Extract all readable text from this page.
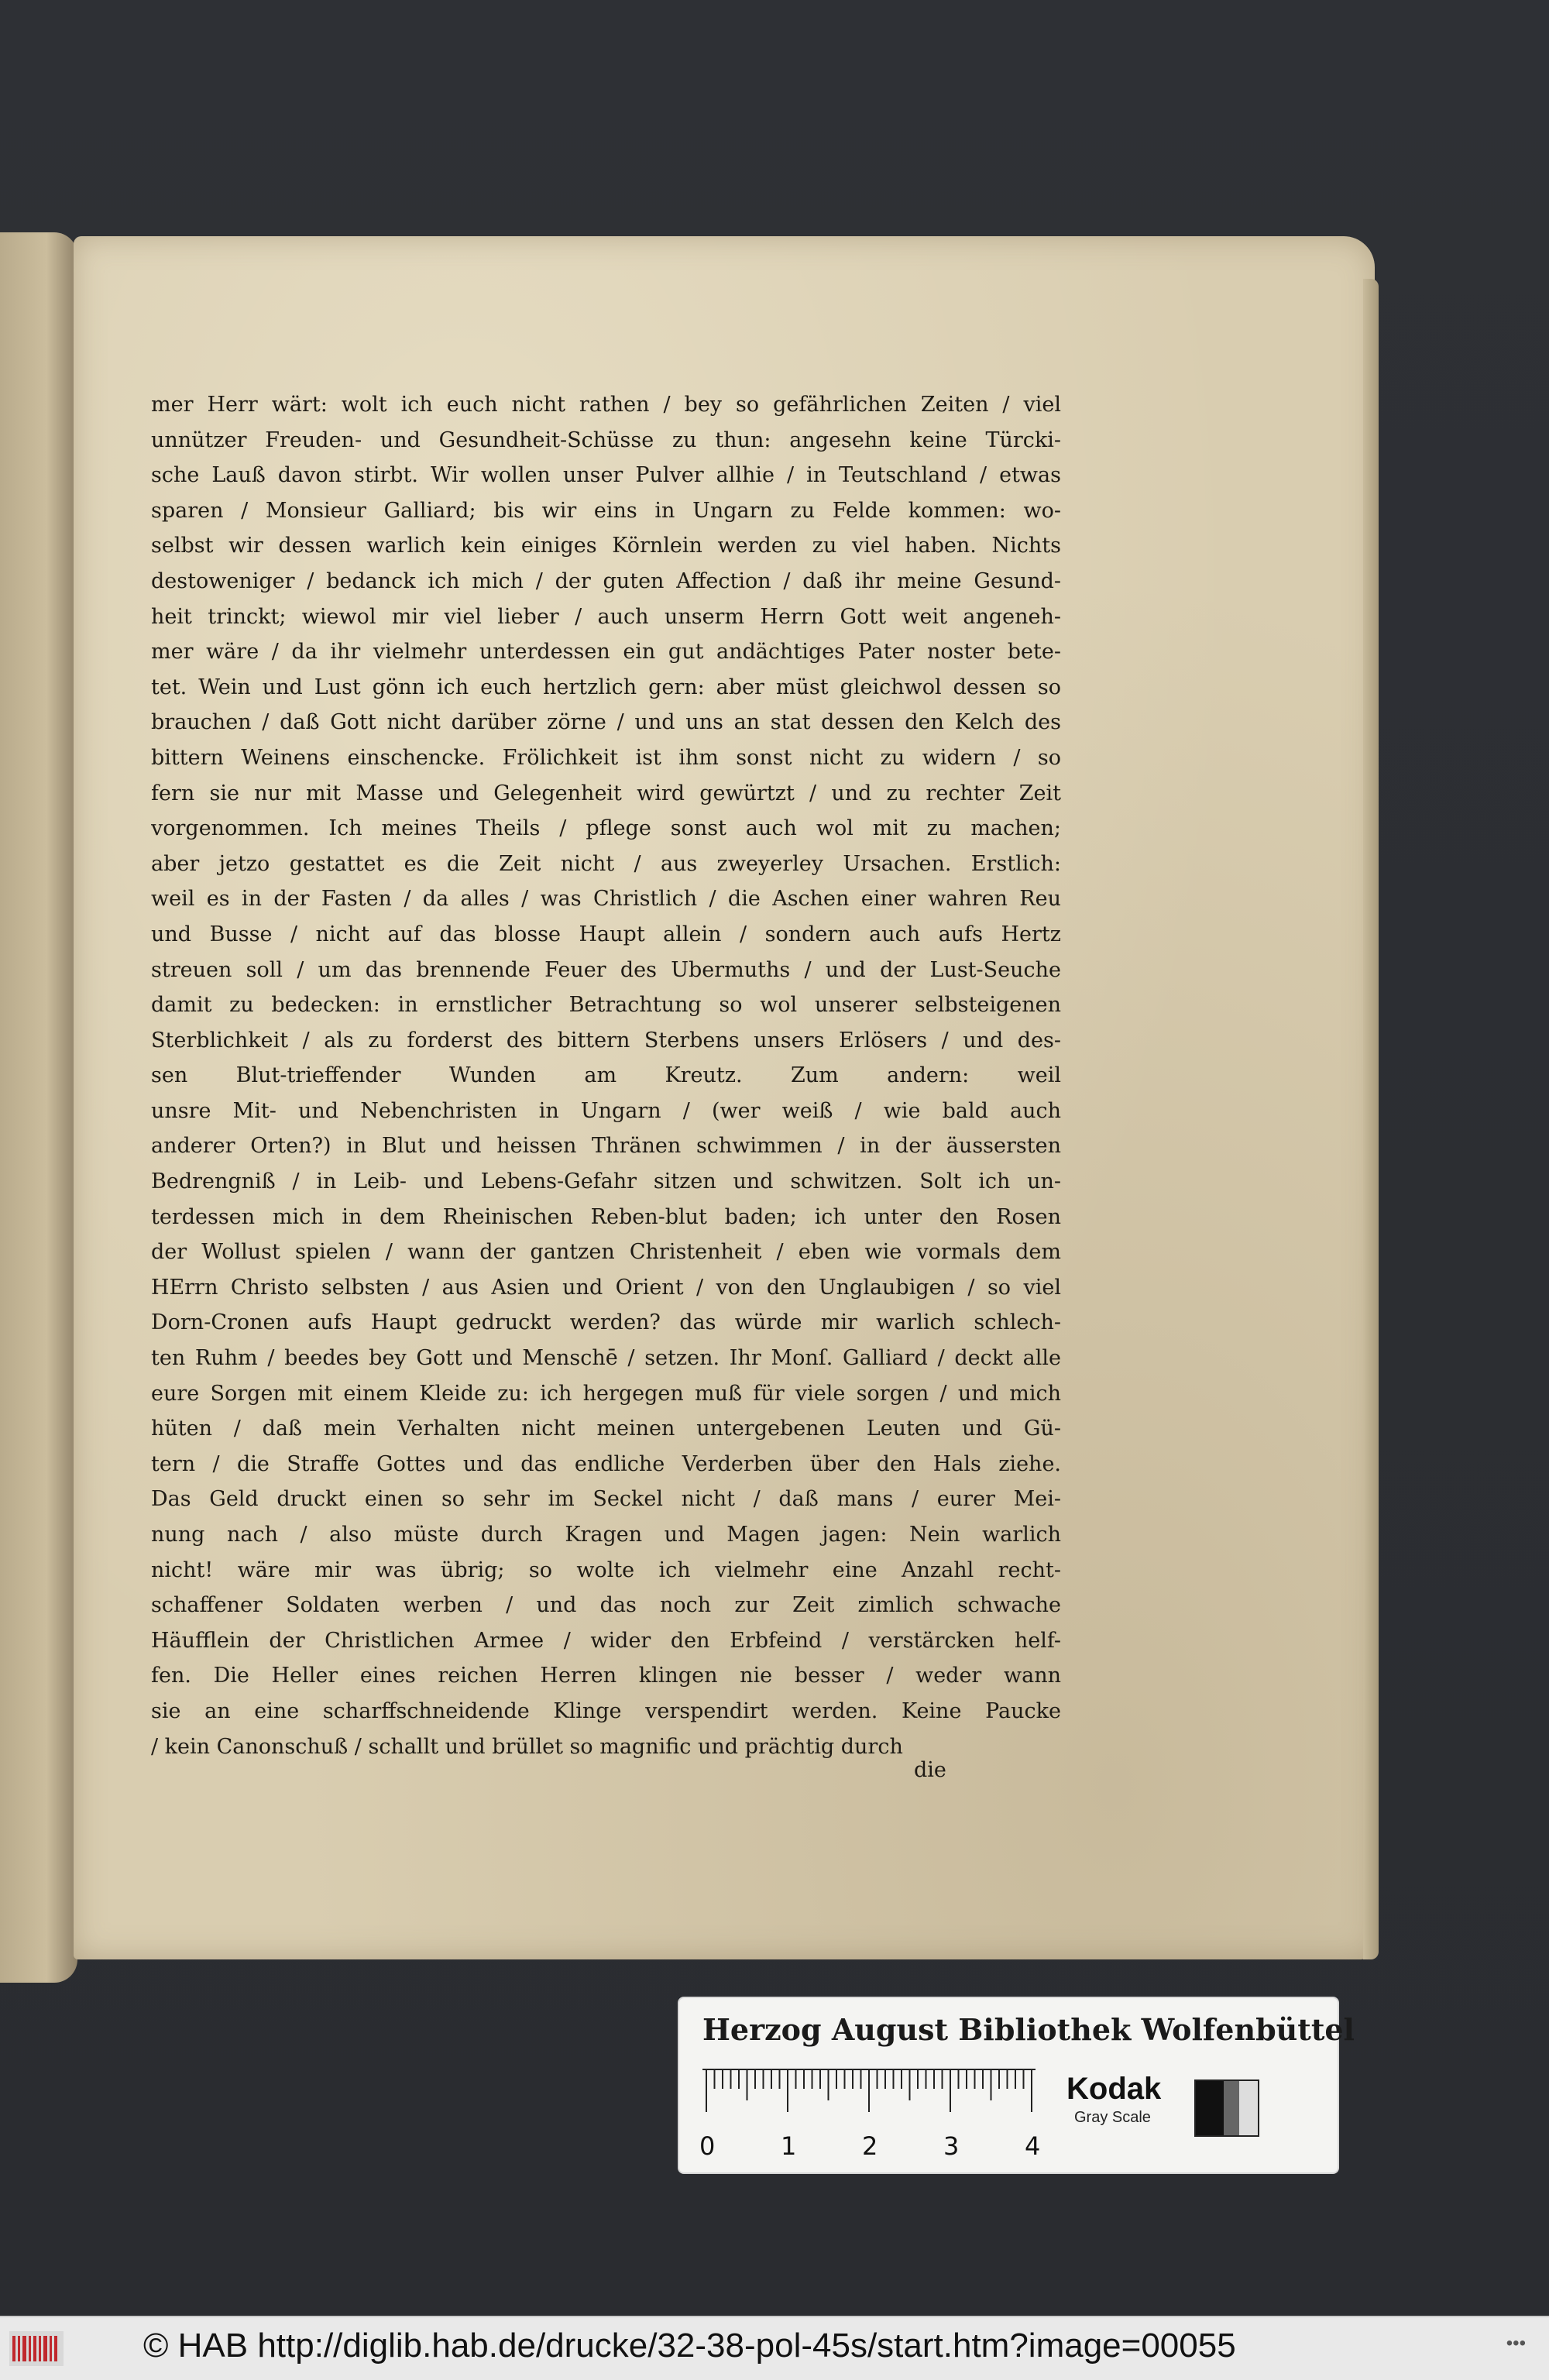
mer Herr wärt: wolt ich euch nicht rathen / bey so gefährlichen Zeiten / viel
unnützer Freuden- und Gesundheit-Schüsse zu thun: angesehn keine Türcki-
sche Lauß davon stirbt. Wir wollen unser Pulver allhie / in Teutschland / etwas
sparen / Monsieur Galliard; bis wir eins in Ungarn zu Felde kommen: wo-
selbst wir dessen warlich kein einiges Körnlein werden zu viel haben. Nichts
destoweniger / bedanck ich mich / der guten Affection / daß ihr meine Gesund-
heit trinckt; wiewol mir viel lieber / auch unserm Herrn Gott weit angeneh-
mer wäre / da ihr vielmehr unterdessen ein gut andächtiges Pater noster bete-
tet. Wein und Lust gönn ich euch hertzlich gern: aber müst gleichwol dessen so
brauchen / daß Gott nicht darüber zörne / und uns an stat dessen den Kelch des
bittern Weinens einschencke. Frölichkeit ist ihm sonst nicht zu widern / so
fern sie nur mit Masse und Gelegenheit wird gewürtzt / und zu rechter Zeit
vorgenommen. Ich meines Theils / pflege sonst auch wol mit zu machen;
aber jetzo gestattet es die Zeit nicht / aus zweyerley Ursachen. Erstlich:
weil es in der Fasten / da alles / was Christlich / die Aschen einer wahren Reu
und Busse / nicht auf das blosse Haupt allein / sondern auch aufs Hertz
streuen soll / um das brennende Feuer des Ubermuths / und der Lust-Seuche
damit zu bedecken: in ernstlicher Betrachtung so wol unserer selbsteigenen
Sterblichkeit / als zu forderst des bittern Sterbens unsers Erlösers / und des-
sen Blut-trieffender Wunden am Kreutz. Zum andern: weil
unsre Mit- und Nebenchristen in Ungarn / (wer weiß / wie bald auch
anderer Orten?) in Blut und heissen Thränen schwimmen / in der äussersten
Bedrengniß / in Leib- und Lebens-Gefahr sitzen und schwitzen. Solt ich un-
terdessen mich in dem Rheinischen Reben-blut baden; ich unter den Rosen
der Wollust spielen / wann der gantzen Christenheit / eben wie vormals dem
HErrn Christo selbsten / aus Asien und Orient / von den Unglaubigen / so viel
Dorn-Cronen aufs Haupt gedruckt werden? das würde mir warlich schlech-
ten Ruhm / beedes bey Gott und Menschē / setzen. Ihr Monſ. Galliard / deckt alle
eure Sorgen mit einem Kleide zu: ich hergegen muß für viele sorgen / und mich
hüten / daß mein Verhalten nicht meinen untergebenen Leuten und Gü-
tern / die Straffe Gottes und das endliche Verderben über den Hals ziehe.
Das Geld druckt einen so sehr im Seckel nicht / daß mans / eurer Mei-
nung nach / also müste durch Kragen und Magen jagen: Nein warlich
nicht! wäre mir was übrig; so wolte ich vielmehr eine Anzahl recht-
schaffener Soldaten werben / und das noch zur Zeit zimlich schwache
Häufflein der Christlichen Armee / wider den Erbfeind / verstärcken helf-
fen. Die Heller eines reichen Herren klingen nie besser / weder wann
sie an eine scharffschneidende Klinge verspendirt werden. Keine Paucke
/ kein Canonschuß / schallt und brüllet so magnific und prächtig durch
die
Herzog August Bibliothek Wolfenbüttel
0	1	2	3	4
Kodak
Gray Scale
© HAB http://diglib.hab.de/drucke/32-38-pol-45s/start.htm?image=00055	•••
